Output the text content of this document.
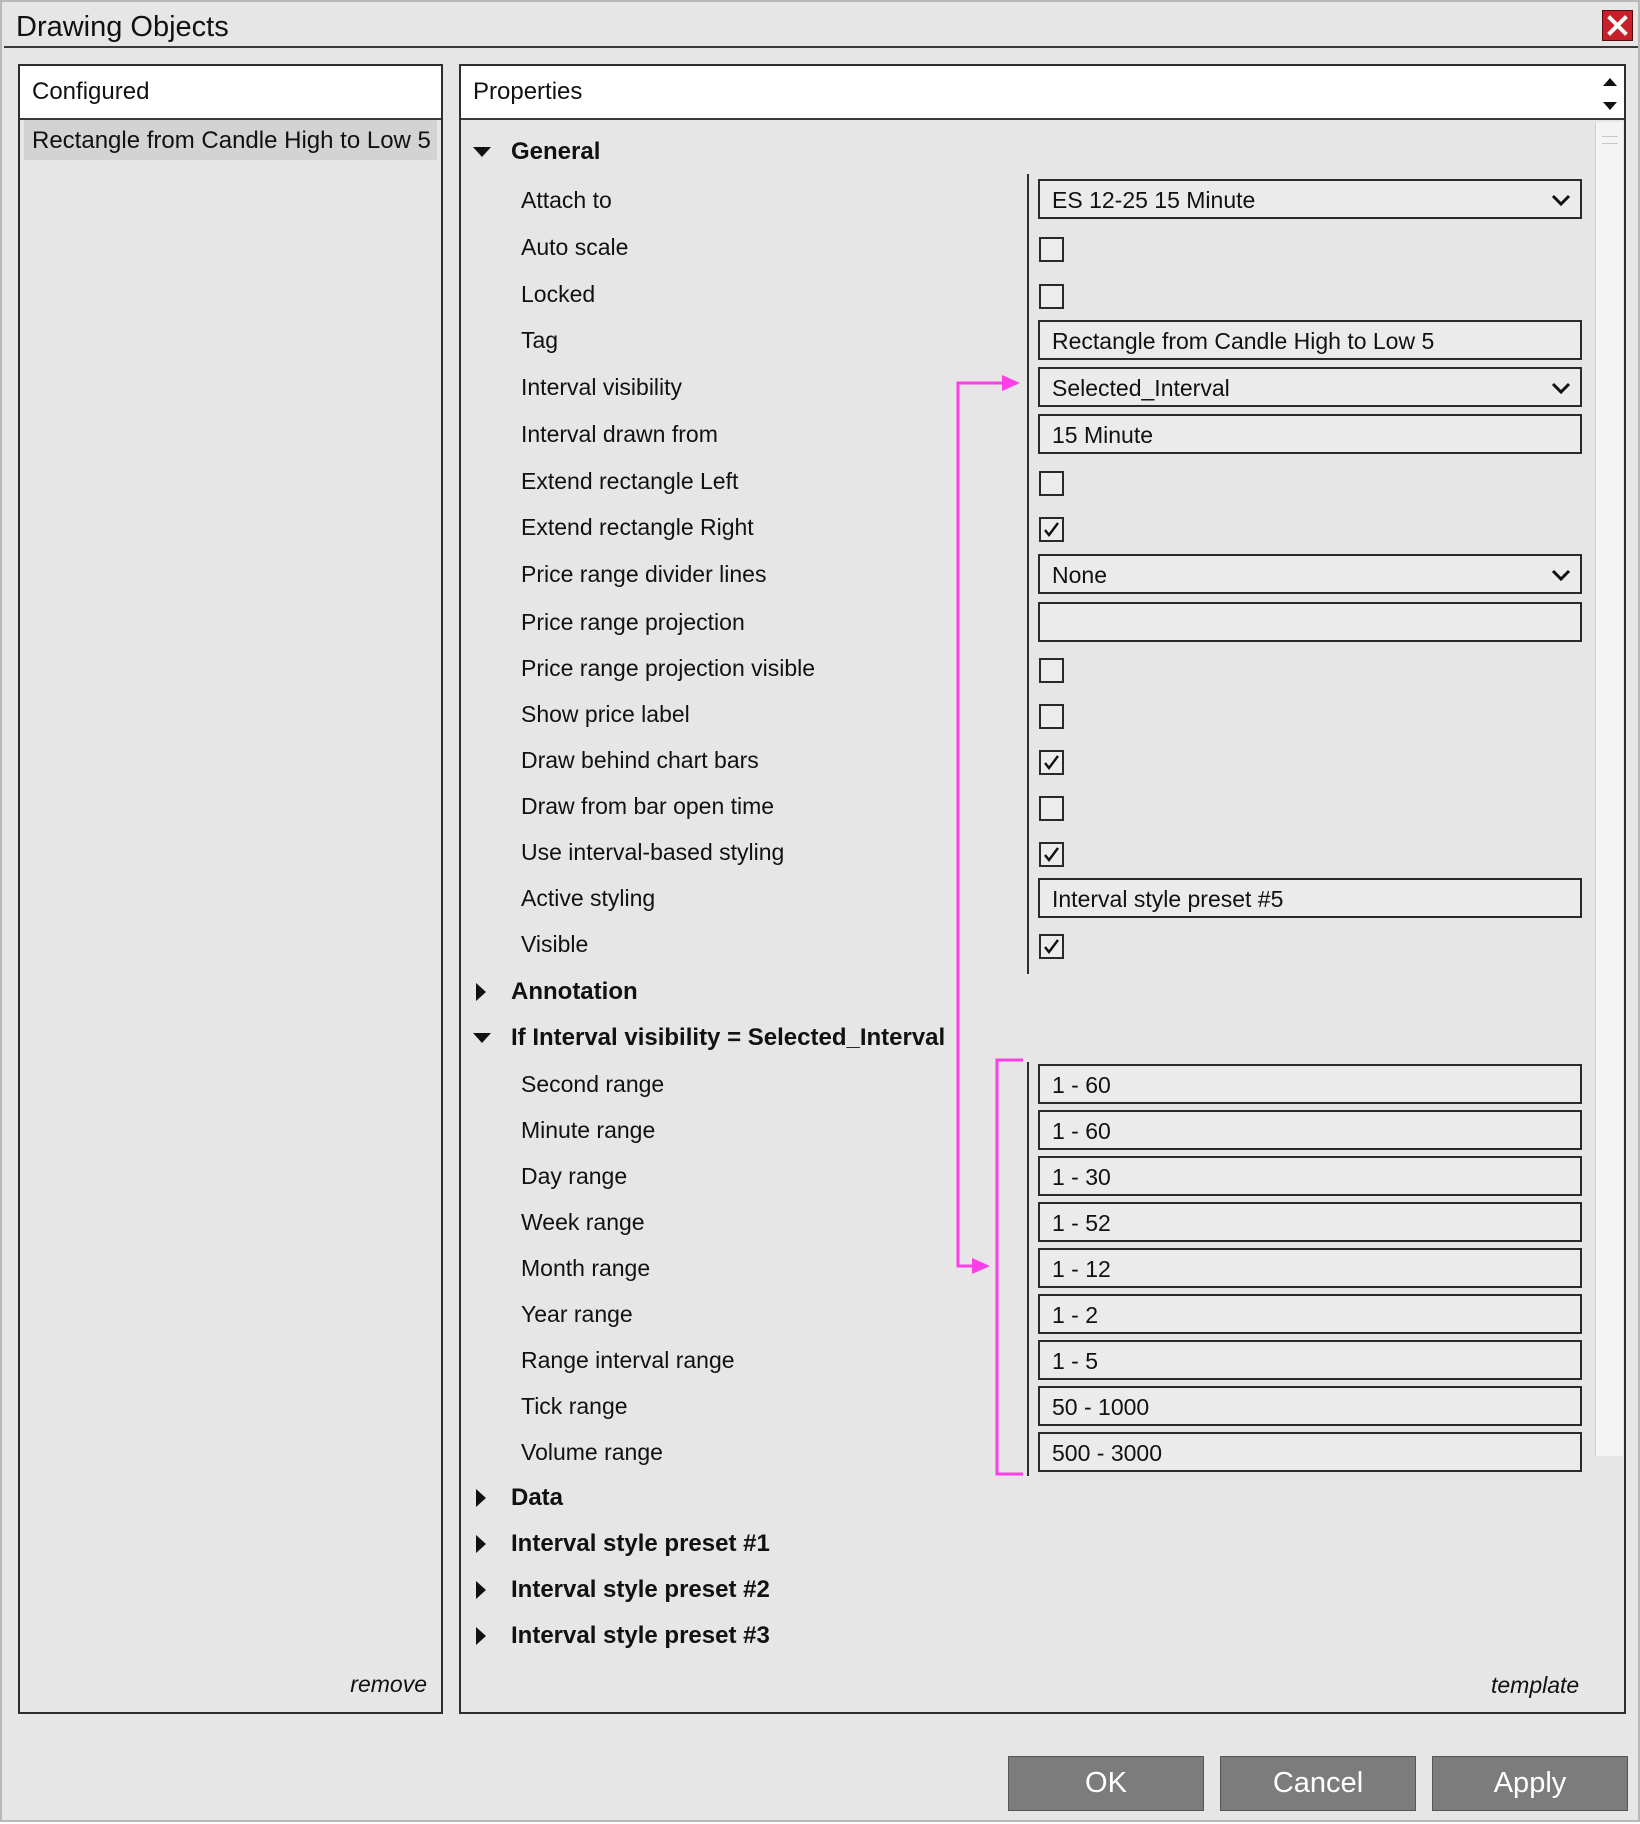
Drawing Objects
Configured
Rectangle from Candle High to Low 5
remove
Properties
General
Attach to	ES 12-25 15 Minute
Auto scale
Locked
Tag	Rectangle from Candle High to Low 5
Interval visibility	Selected_Interval
Interval drawn from	15 Minute
Extend rectangle Left
Extend rectangle Right
Price range divider lines	None
Price range projection
Price range projection visible
Show price label
Draw behind chart bars
Draw from bar open time
Use interval-based styling
Active styling	Interval style preset #5
Visible
Annotation
If Interval visibility = Selected_Interval
Second range	1 - 60
Minute range	1 - 60
Day range	1 - 30
Week range	1 - 52
Month range	1 - 12
Year range	1 - 2
Range interval range	1 - 5
Tick range	50 - 1000
Volume range	500 - 3000
Data
Interval style preset #1
Interval style preset #2
Interval style preset #3
template
OK	Cancel	Apply
